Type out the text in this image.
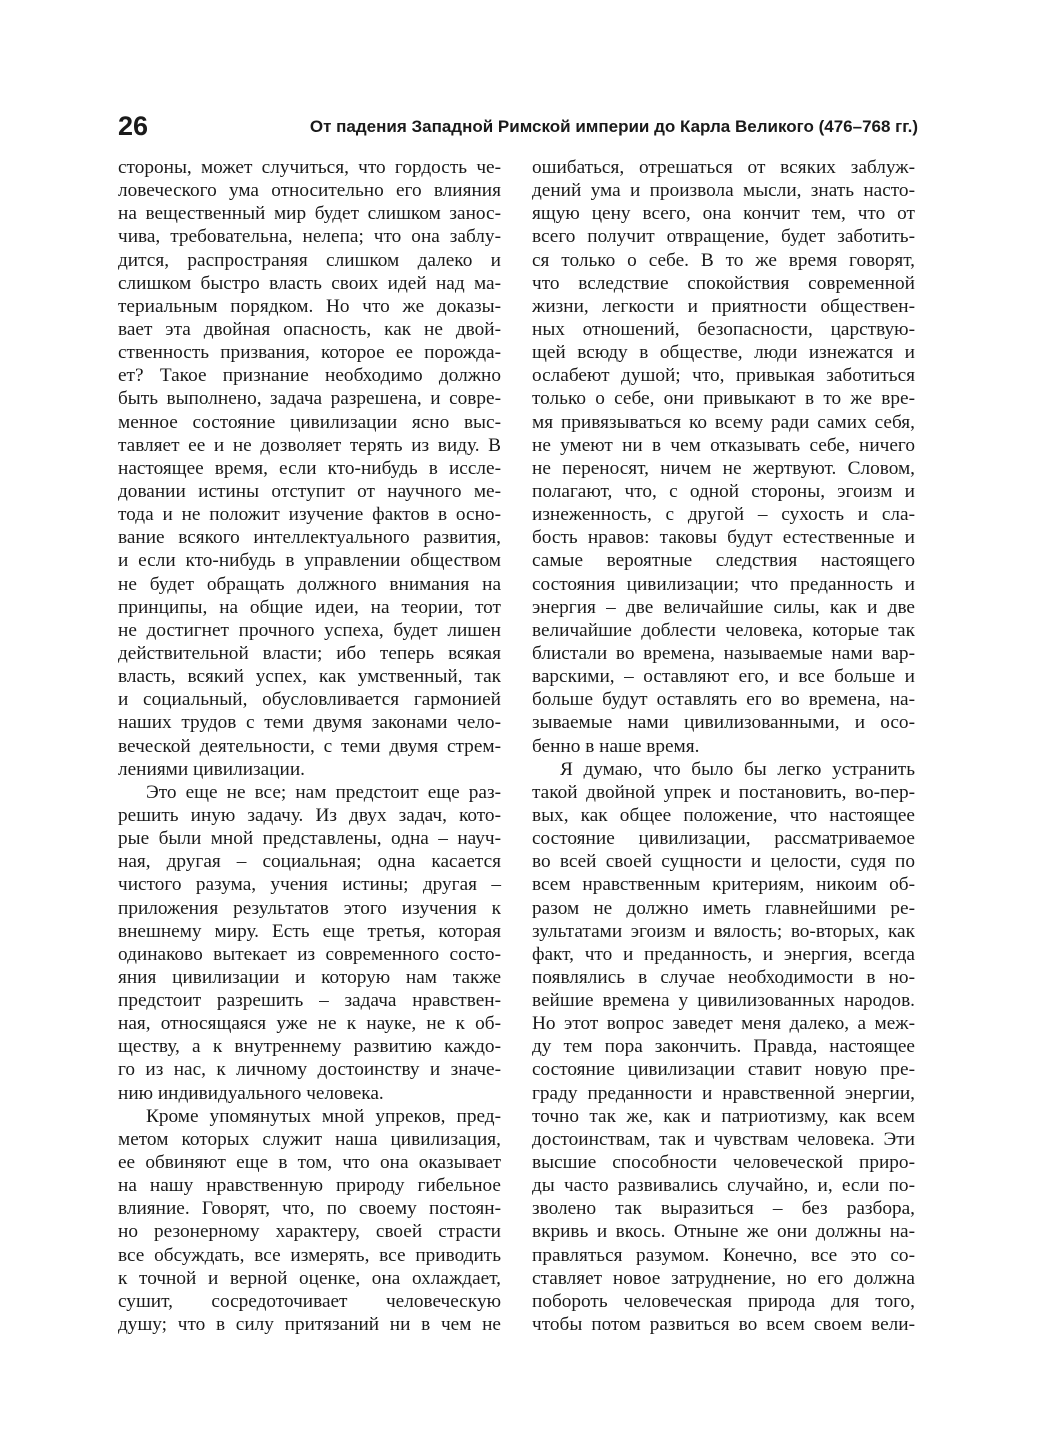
26	От падения Западной Римской империи до Карла Великого (476–768 гг.)
стороны, может случиться, что гордость че-
ловеческого ума относительно его влияния
на вещественный мир будет слишком занос-
чива, требовательна, нелепа; что она заблу-
дится, распространяя слишком далеко и
слишком быстро власть своих идей над ма-
териальным порядком. Но что же доказы-
вает эта двойная опасность, как не двой-
ственность призвания, которое ее порожда-
ет? Такое признание необходимо должно
быть выполнено, задача разрешена, и совре-
менное состояние цивилизации ясно выс-
тавляет ее и не дозволяет терять из виду. В
настоящее время, если кто-нибудь в иссле-
довании истины отступит от научного ме-
тода и не положит изучение фактов в осно-
вание всякого интеллектуального развития,
и если кто-нибудь в управлении обществом
не будет обращать должного внимания на
принципы, на общие идеи, на теории, тот
не достигнет прочного успеха, будет лишен
действительной власти; ибо теперь всякая
власть, всякий успех, как умственный, так
и социальный, обусловливается гармонией
наших трудов с теми двумя законами чело-
веческой деятельности, с теми двумя стрем-
лениями цивилизации.
Это еще не все; нам предстоит еще раз-
решить иную задачу. Из двух задач, кото-
рые были мной представлены, одна – науч-
ная, другая – социальная; одна касается
чистого разума, учения истины; другая –
приложения результатов этого изучения к
внешнему миру. Есть еще третья, которая
одинаково вытекает из современного состо-
яния цивилизации и которую нам также
предстоит разрешить – задача нравствен-
ная, относящаяся уже не к науке, не к об-
ществу, а к внутреннему развитию каждо-
го из нас, к личному достоинству и значе-
нию индивидуального человека.
Кроме упомянутых мной упреков, пред-
метом которых служит наша цивилизация,
ее обвиняют еще в том, что она оказывает
на нашу нравственную природу гибельное
влияние. Говорят, что, по своему постоян-
но резонерному характеру, своей страсти
все обсуждать, все измерять, все приводить
к точной и верной оценке, она охлаждает,
сушит, сосредоточивает человеческую
душу; что в силу притязаний ни в чем не
ошибаться, отрешаться от всяких заблуж-
дений ума и произвола мысли, знать насто-
ящую цену всего, она кончит тем, что от
всего получит отвращение, будет заботить-
ся только о себе. В то же время говорят,
что вследствие спокойствия современной
жизни, легкости и приятности обществен-
ных отношений, безопасности, царствую-
щей всюду в обществе, люди изнежатся и
ослабеют душой; что, привыкая заботиться
только о себе, они привыкают в то же вре-
мя привязываться ко всему ради самих себя,
не умеют ни в чем отказывать себе, ничего
не переносят, ничем не жертвуют. Словом,
полагают, что, с одной стороны, эгоизм и
изнеженность, с другой – сухость и сла-
бость нравов: таковы будут естественные и
самые вероятные следствия настоящего
состояния цивилизации; что преданность и
энергия – две величайшие силы, как и две
величайшие доблести человека, которые так
блистали во времена, называемые нами вар-
варскими, – оставляют его, и все больше и
больше будут оставлять его во времена, на-
зываемые нами цивилизованными, и осо-
бенно в наше время.
Я думаю, что было бы легко устранить
такой двойной упрек и постановить, во-пер-
вых, как общее положение, что настоящее
состояние цивилизации, рассматриваемое
во всей своей сущности и целости, судя по
всем нравственным критериям, никоим об-
разом не должно иметь главнейшими ре-
зультатами эгоизм и вялость; во-вторых, как
факт, что и преданность, и энергия, всегда
появлялись в случае необходимости в но-
вейшие времена у цивилизованных народов.
Но этот вопрос заведет меня далеко, а меж-
ду тем пора закончить. Правда, настоящее
состояние цивилизации ставит новую пре-
граду преданности и нравственной энергии,
точно так же, как и патриотизму, как всем
достоинствам, так и чувствам человека. Эти
высшие способности человеческой приро-
ды часто развивались случайно, и, если по-
зволено так выразиться – без разбора,
вкривь и вкось. Отныне же они должны на-
правляться разумом. Конечно, все это со-
ставляет новое затруднение, но его должна
побороть человеческая природа для того,
чтобы потом развиться во всем своем вели-
